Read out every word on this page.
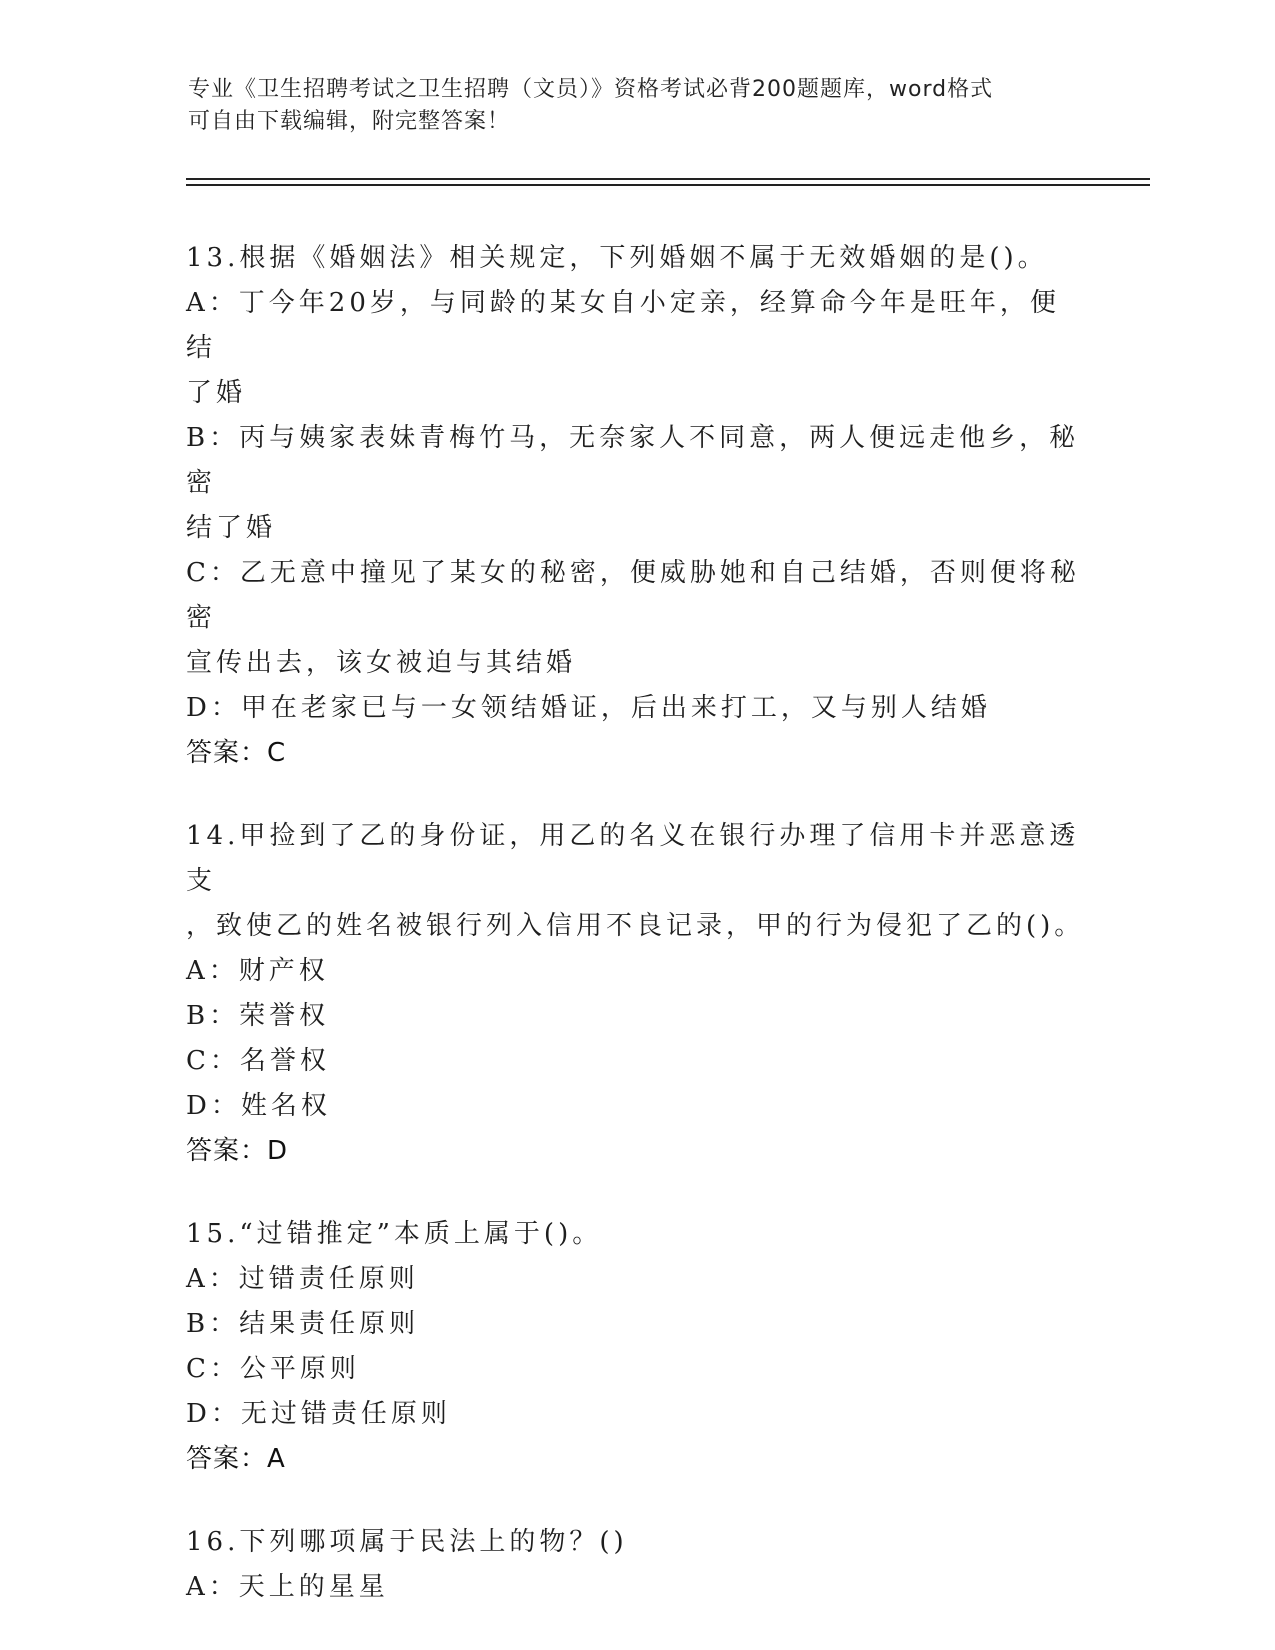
专业《卫生招聘考试之卫生招聘（文员）》资格考试必背200题题库，word格式
可自由下载编辑，附完整答案！
13.根据《婚姻法》相关规定，下列婚姻不属于无效婚姻的是()。
A：丁今年20岁，与同龄的某女自小定亲，经算命今年是旺年，便结
了婚
B：丙与姨家表妹青梅竹马，无奈家人不同意，两人便远走他乡，秘密
结了婚
C：乙无意中撞见了某女的秘密，便威胁她和自己结婚，否则便将秘密
宣传出去，该女被迫与其结婚
D：甲在老家已与一女领结婚证，后出来打工，又与别人结婚
答案：C
14.甲捡到了乙的身份证，用乙的名义在银行办理了信用卡并恶意透支
，致使乙的姓名被银行列入信用不良记录，甲的行为侵犯了乙的()。
A：财产权
B：荣誉权
C：名誉权
D：姓名权
答案：D
15.“过错推定”本质上属于()。
A：过错责任原则
B：结果责任原则
C：公平原则
D：无过错责任原则
答案：A
16.下列哪项属于民法上的物？()
A：天上的星星
